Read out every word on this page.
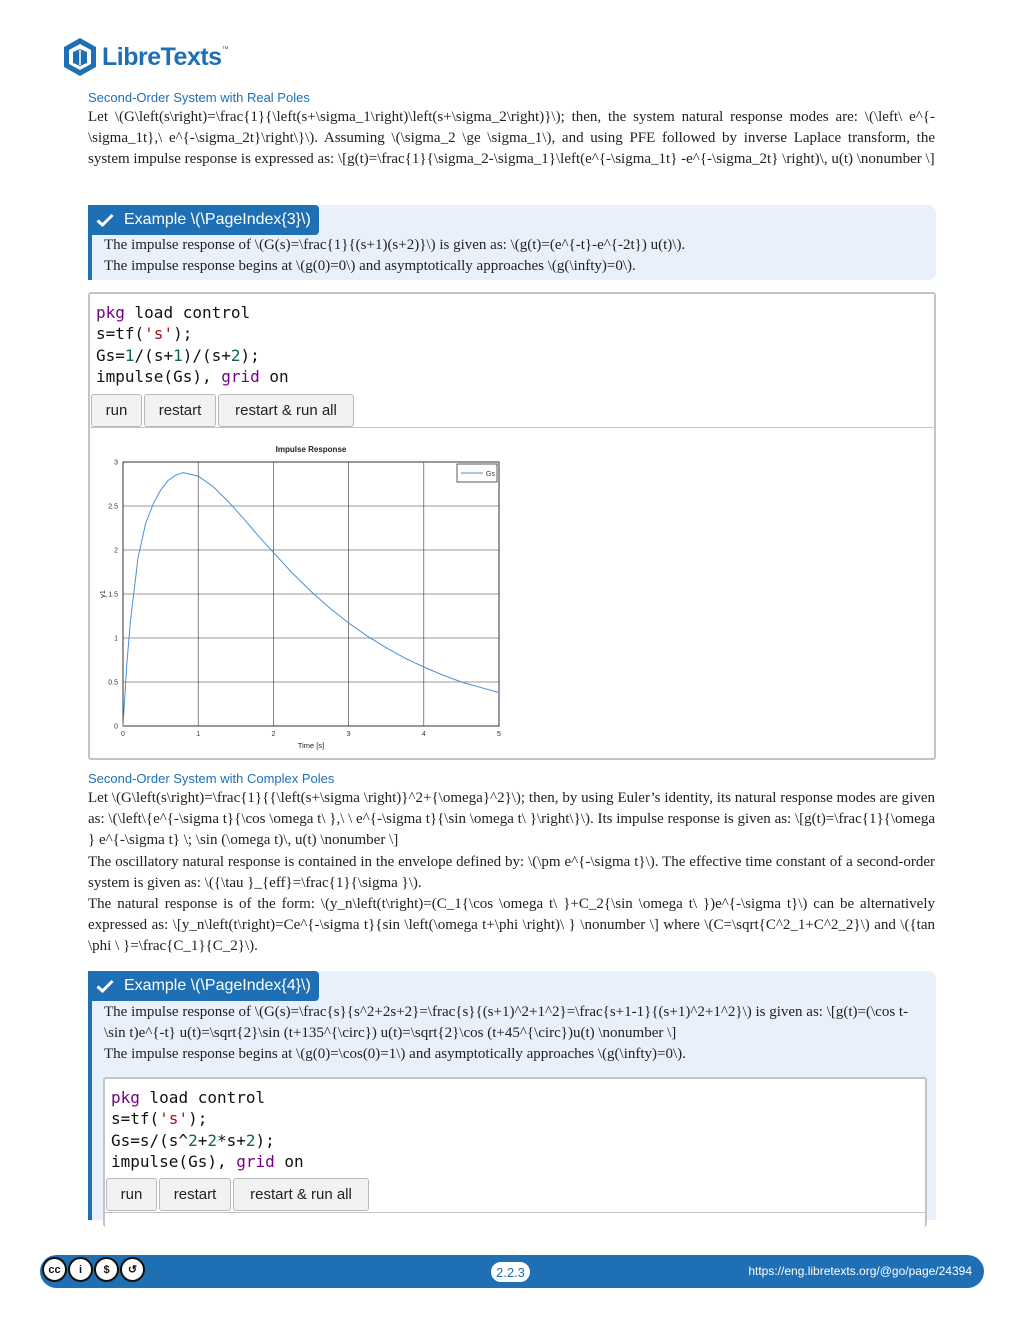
LibreTexts ™
Second-Order System with Real Poles

Let \(G\left(s\right)=\frac{1}{\left(s+\sigma_1\right)\left(s+\sigma_2\right)}\); then, the system natural response modes are: \(\left\ e^{-\sigma_1t},\ e^{-\sigma_2t}\right\}\). Assuming \(\sigma_2 \ge \sigma_1\), and using PFE followed by inverse Laplace transform, the system impulse response is expressed as: \[g(t)=\frac{1}{\sigma_2-\sigma_1}\left(e^{-\sigma_1t} -e^{-\sigma_2t} \right)\, u(t) \nonumber \]

Example \(\PageIndex{3}\)

The impulse response of \(G(s)=\frac{1}{(s+1)(s+2)}\) is given as: \(g(t)=(e^{-t}-e^{-2t}) u(t)\).

The impulse response begins at \(g(0)=0\) and asymptotically approaches \(g(\infty)=0\).

pkg load control
s=tf('s');
Gs=1/(s+1)/(s+2);
impulse(Gs), grid on
run	restart	restart & run all
0
0.5
1
1.5
2
2.5
3
0	1	2	3	4	5
Impulse Response
Time [s]
y1
Gs
Second-Order System with Complex Poles

Let \(G\left(s\right)=\frac{1}{{\left(s+\sigma \right)}^2+{\omega}^2}\); then, by using Euler’s identity, its natural response modes are given as: \(\left\{e^{-\sigma t}{\cos \omega t\ },\ \ e^{-\sigma t}{\sin \omega t\ }\right\}\). Its impulse response is given as: \[g(t)=\frac{1}{\omega } e^{-\sigma t} \; \sin (\omega t)\, u(t) \nonumber \]

The oscillatory natural response is contained in the envelope defined by: \(\pm e^{-\sigma t}\). The effective time constant of a second-order system is given as: \({\tau }_{eff}=\frac{1}{\sigma }\).

The natural response is of the form: \(y_n\left(t\right)=(C_1{\cos \omega t\ }+C_2{\sin \omega t\ })e^{-\sigma t}\) can be alternatively expressed as: \[y_n\left(t\right)=Ce^{-\sigma t}{sin \left(\omega t+\phi \right)\ } \nonumber \] where \(C=\sqrt{C^2_1+C^2_2}\) and \({tan \phi \ }=\frac{C_1}{C_2}\).

Example \(\PageIndex{4}\)

The impulse response of \(G(s)=\frac{s}{s^2+2s+2}=\frac{s}{(s+1)^2+1^2}=\frac{s+1-1}{(s+1)^2+1^2}\) is given as: \[g(t)=(\cos t-\sin t)e^{-t} u(t)=\sqrt{2}\sin (t+135^{\circ}) u(t)=\sqrt{2}\cos (t+45^{\circ})u(t) \nonumber \]

The impulse response begins at \(g(0)=\cos(0)=1\) and asymptotically approaches \(g(\infty)=0\).

pkg load control
s=tf('s');
Gs=s/(s^2+2*s+2);
impulse(Gs), grid on
run	restart	restart & run all
cc	i	$	↺	2.2.3	https://eng.libretexts.org/@go/page/24394
